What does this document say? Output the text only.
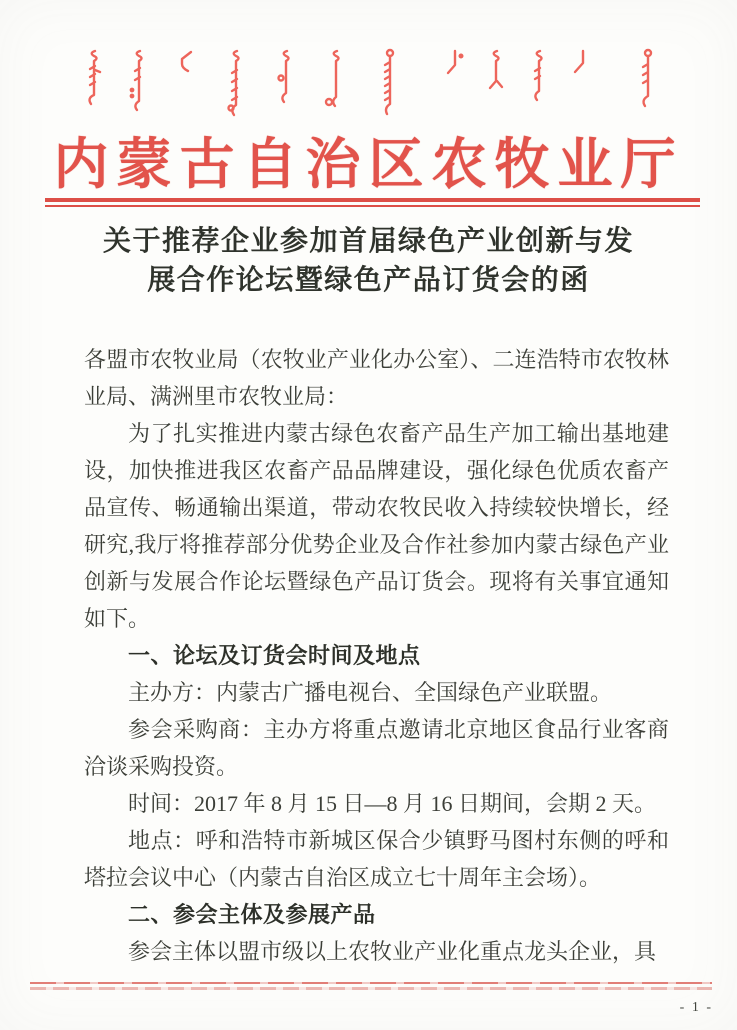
内蒙古自治区农牧业厅
关于推荐企业参加首届绿色产业创新与发
展合作论坛暨绿色产品订货会的函

各盟市农牧业局（农牧业产业化办公室）、二连浩特市农牧林业局、满洲里市农牧业局：

为了扎实推进内蒙古绿色农畜产品生产加工输出基地建设，加快推进我区农畜产品品牌建设，强化绿色优质农畜产品宣传、畅通输出渠道，带动农牧民收入持续较快增长，经研究,我厅将推荐部分优势企业及合作社参加内蒙古绿色产业创新与发展合作论坛暨绿色产品订货会。现将有关事宜通知如下。

一、论坛及订货会时间及地点

主办方：内蒙古广播电视台、全国绿色产业联盟。

参会采购商：主办方将重点邀请北京地区食品行业客商洽谈采购投资。

时间：2017 年 8 月 15 日—8 月 16 日期间，会期 2 天。

地点：呼和浩特市新城区保合少镇野马图村东侧的呼和塔拉会议中心（内蒙古自治区成立七十周年主会场）。

二、参会主体及参展产品

参会主体以盟市级以上农牧业产业化重点龙头企业，具

- 1 -
